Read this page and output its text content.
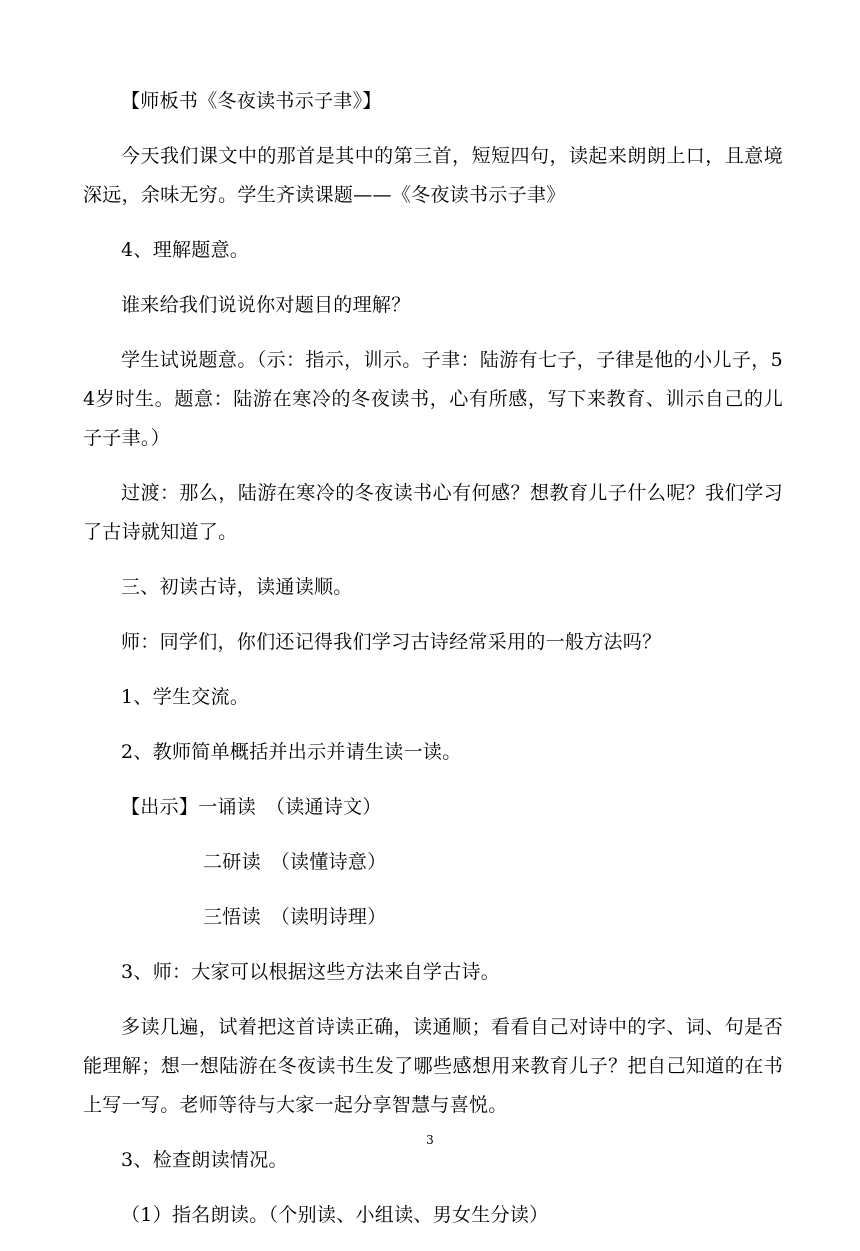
【师板书《冬夜读书示子聿》】

今天我们课文中的那首是其中的第三首，短短四句，读起来朗朗上口，且意境深远，余味无穷。学生齐读课题——《冬夜读书示子聿》

4、理解题意。

谁来给我们说说你对题目的理解？

学生试说题意。（示：指示，训示。子聿：陆游有七子，子律是他的小儿子，54岁时生。题意：陆游在寒冷的冬夜读书，心有所感，写下来教育、训示自己的儿子子聿。）

过渡：那么，陆游在寒冷的冬夜读书心有何感？想教育儿子什么呢？我们学习了古诗就知道了。

三、初读古诗，读通读顺。

师：同学们，你们还记得我们学习古诗经常采用的一般方法吗？

1、学生交流。

2、教师简单概括并出示并请生读一读。

【出示】一诵读　（读通诗文）

二研读　（读懂诗意）

三悟读　（读明诗理）

3、师：大家可以根据这些方法来自学古诗。

多读几遍，试着把这首诗读正确，读通顺；看看自己对诗中的字、词、句是否能理解；想一想陆游在冬夜读书生发了哪些感想用来教育儿子？把自己知道的在书上写一写。老师等待与大家一起分享智慧与喜悦。

3、检查朗读情况。

（1）指名朗读。（个别读、小组读、男女生分读）

3
